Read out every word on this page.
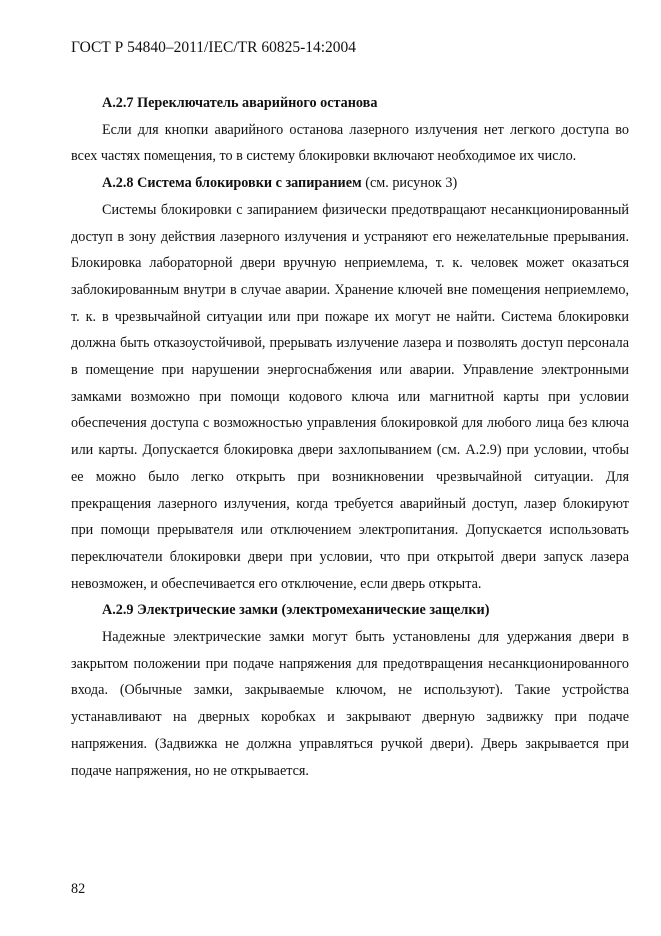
ГОСТ Р 54840–2011/IEC/TR 60825-14:2004

А.2.7 Переключатель аварийного останова

Если для кнопки аварийного останова лазерного излучения нет легкого доступа во всех частях помещения, то в систему блокировки включают необходимое их число.

А.2.8 Система блокировки с запиранием (см. рисунок 3)

Системы блокировки с запиранием физически предотвращают несанкционированный доступ в зону действия лазерного излучения и устраняют его нежелательные прерывания. Блокировка лабораторной двери вручную неприемлема, т. к. человек может оказаться заблокированным внутри в случае аварии. Хранение ключей вне помещения неприемлемо, т. к. в чрезвычайной ситуации или при пожаре их могут не найти. Система блокировки должна быть отказоустойчивой, прерывать излучение лазера и позволять доступ персонала в помещение при нарушении энергоснабжения или аварии. Управление электронными замками возможно при помощи кодового ключа или магнитной карты при условии обеспечения доступа с возможностью управления блокировкой для любого лица без ключа или карты. Допускается блокировка двери захлопыванием (см. А.2.9) при условии, чтобы ее можно было легко открыть при возникновении чрезвычайной ситуации. Для прекращения лазерного излучения, когда требуется аварийный доступ, лазер блокируют при помощи прерывателя или отключением электропитания. Допускается использовать переключатели блокировки двери при условии, что при открытой двери запуск лазера невозможен, и обеспечивается его отключение, если дверь открыта.

А.2.9 Электрические замки (электромеханические защелки)

Надежные электрические замки могут быть установлены для удержания двери в закрытом положении при подаче напряжения для предотвращения несанкционированного входа. (Обычные замки, закрываемые ключом, не используют). Такие устройства устанавливают на дверных коробках и закрывают дверную задвижку при подаче напряжения. (Задвижка не должна управляться ручкой двери). Дверь закрывается при подаче напряжения, но не открывается.

82
